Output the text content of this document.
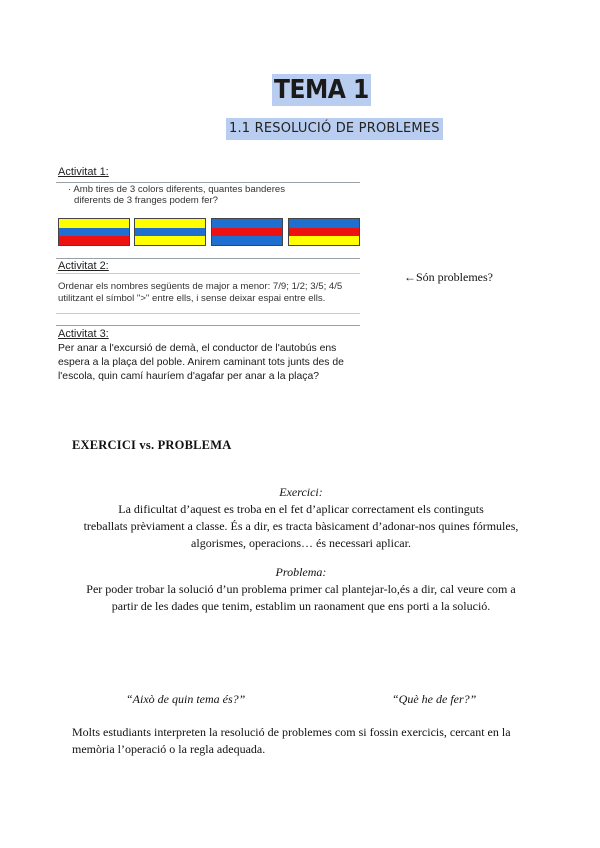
TEMA 1
1.1 RESOLUCIÓ DE PROBLEMES
Activitat 1:
· Amb tires de 3 colors diferents, quantes banderes
diferents de 3 franges podem fer?
Activitat 2:
Ordenar els nombres següents de major a menor: 7/9; 1/2; 3/5; 4/5
utilitzant el símbol ">" entre ells, i sense deixar espai entre ells.
Activitat 3:
Per anar a l'excursió de demà, el conductor de l'autobús ens
espera a la plaça del poble. Anirem caminant tots junts des de
l'escola, quin camí hauríem d'agafar per anar a la plaça?
←Són problemes?
EXERCICI vs. PROBLEMA
Exercici:
La dificultat d’aquest es troba en el fet d’aplicar correctament els continguts
treballats prèviament a classe. És a dir, es tracta bàsicament d’adonar-nos quines fórmules,
algorismes, operacions… és necessari aplicar.
Problema:
Per poder trobar la solució d’un problema primer cal plantejar-lo,és a dir, cal veure com a
partir de les dades que tenim, establim un raonament que ens porti a la solució.
“Això de quin tema és?”	“Què he de fer?”
Molts estudiants interpreten la resolució de problemes com si fossin exercicis, cercant en la
memòria l’operació o la regla adequada.
